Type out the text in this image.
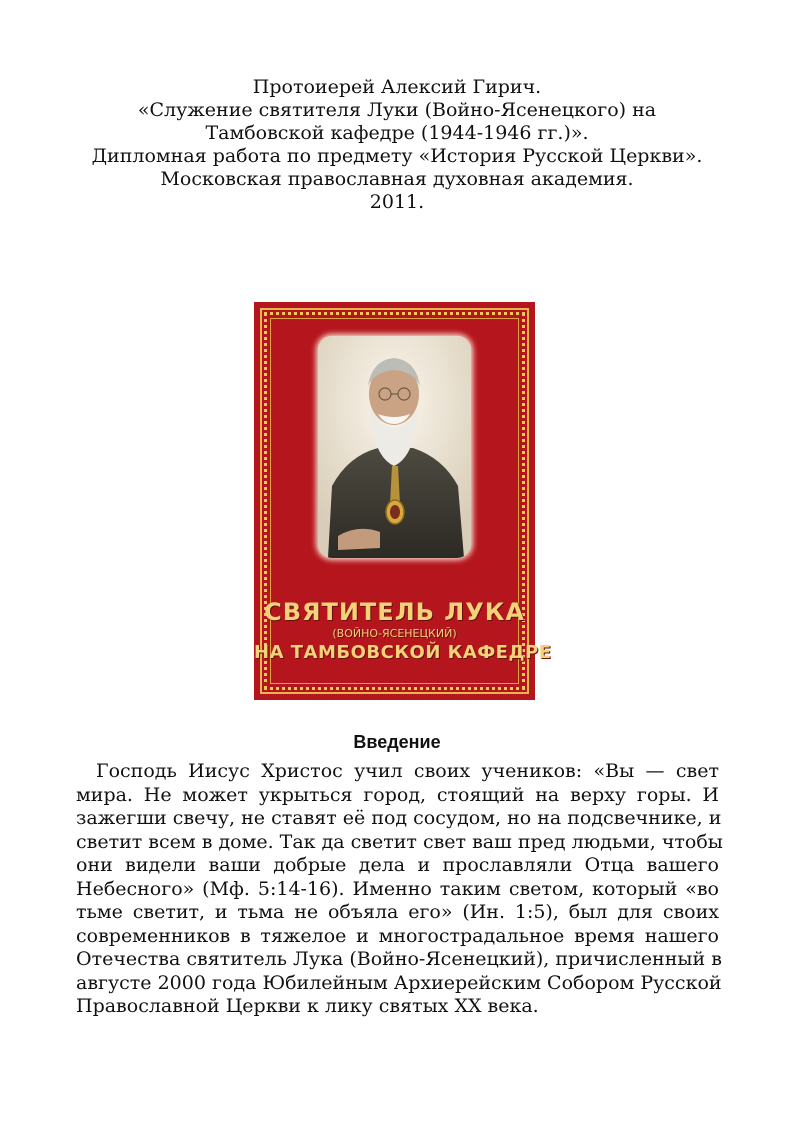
Протоиерей Алексий Гирич.
«Служение святителя Луки (Войно-Ясенецкого) на
Тамбовской кафедре (1944-1946 гг.)».
Дипломная работа по предмету «История Русской Церкви».
Московская православная духовная академия.
2011.
СВЯТИТЕЛЬ ЛУКА
(ВОЙНО-ЯСЕНЕЦКИЙ)
НА ТАМБОВСКОЙ КАФЕДРЕ
Введение
Господь Иисус Христос учил своих учеников: «Вы — свет
мира. Не может укрыться город, стоящий на верху горы. И
зажегши свечу, не ставят её под сосудом, но на подсвечнике, и
светит всем в доме. Так да светит свет ваш пред людьми, чтобы
они видели ваши добрые дела и прославляли Отца вашего
Небесного» (Мф. 5:14-16). Именно таким светом, который «во
тьме светит, и тьма не объяла его» (Ин. 1:5), был для своих
современников в тяжелое и многострадальное время нашего
Отечества святитель Лука (Войно-Ясенецкий), причисленный в
августе 2000 года Юбилейным Архиерейским Собором Русской
Православной Церкви к лику святых XX века.
